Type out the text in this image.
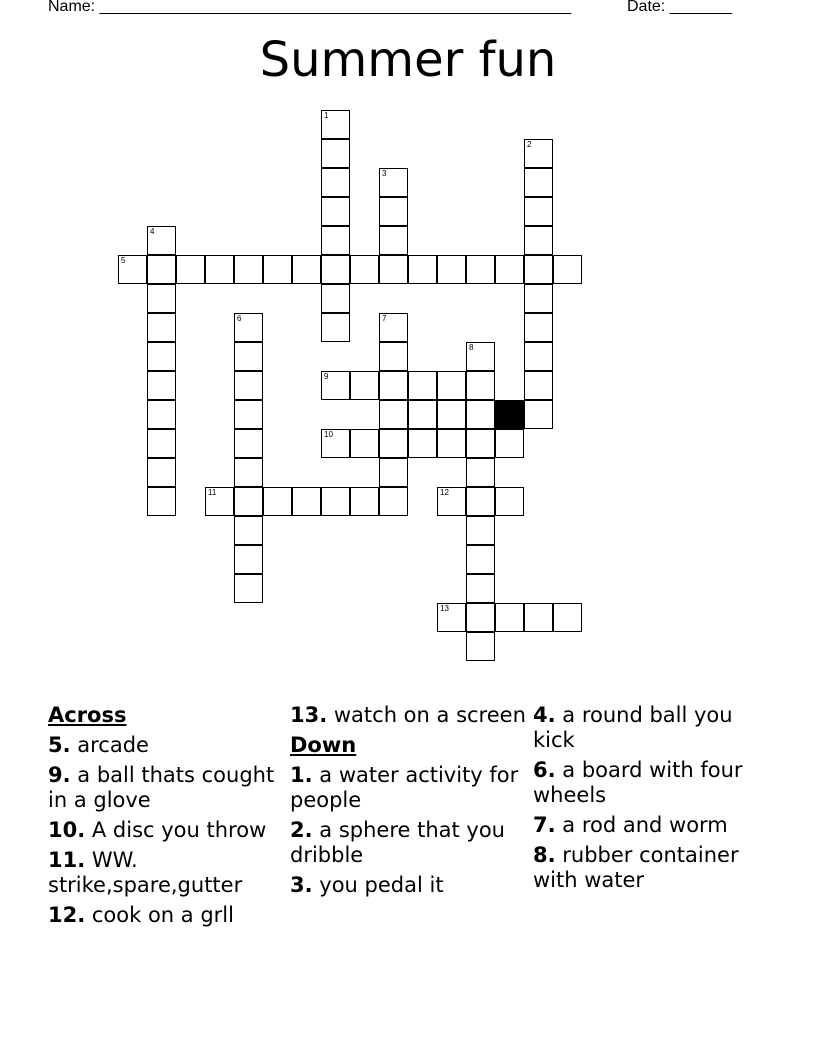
Name: _____________________________________________________	Date: _______
Summer fun
1
2
3
4
5
6	7
8
9
10
11	12
13
Across
5. arcade
9. a ball thats cought in a glove
10. A disc you throw
11. WW. strike,spare,gutter
12. cook on a grll
13. watch on a screen
Down
1. a water activity for people
2. a sphere that you dribble
3. you pedal it
4. a round ball you kick
6. a board with four wheels
7. a rod and worm
8. rubber container with water
